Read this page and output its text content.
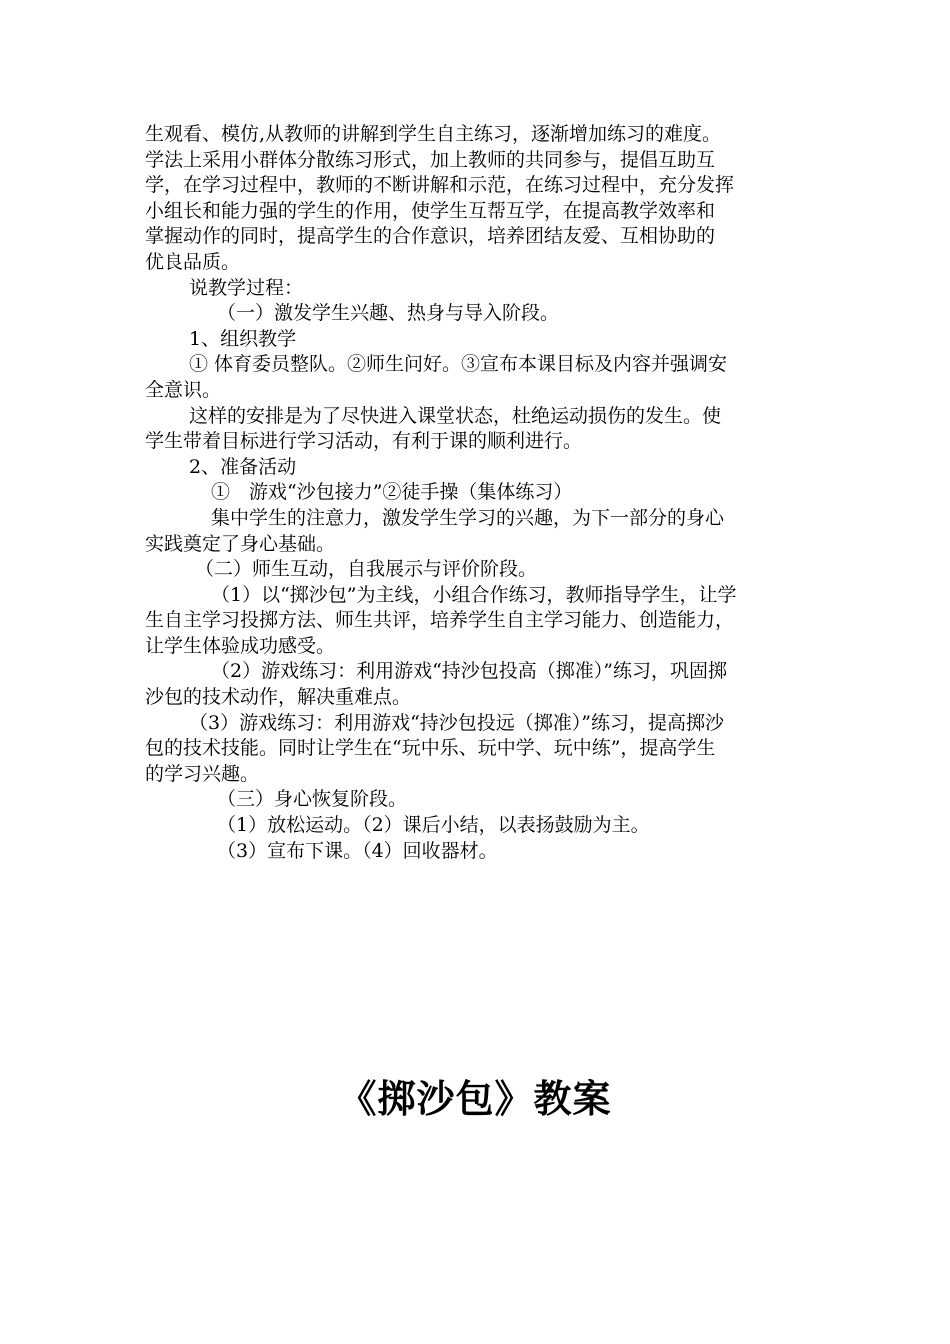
生观看、模仿,从教师的讲解到学生自主练习，逐渐增加练习的难度。
学法上采用小群体分散练习形式，加上教师的共同参与，提倡互助互
学，在学习过程中，教师的不断讲解和示范，在练习过程中，充分发挥
小组长和能力强的学生的作用，使学生互帮互学，在提高教学效率和
掌握动作的同时，提高学生的合作意识，培养团结友爱、互相协助的
优良品质。
说教学过程：
（一）激发学生兴趣、热身与导入阶段。
1、组织教学
① 体育委员整队。②师生问好。③宣布本课目标及内容并强调安
全意识。
这样的安排是为了尽快进入课堂状态，杜绝运动损伤的发生。使
学生带着目标进行学习活动，有利于课的顺利进行。
2、准备活动
①　游戏“沙包接力”②徒手操（集体练习）
集中学生的注意力，激发学生学习的兴趣，为下一部分的身心
实践奠定了身心基础。
（二）师生互动，自我展示与评价阶段。
（1）以“掷沙包”为主线，小组合作练习，教师指导学生，让学
生自主学习投掷方法、师生共评，培养学生自主学习能力、创造能力，
让学生体验成功感受。
（2）游戏练习：利用游戏“持沙包投高（掷准）”练习，巩固掷
沙包的技术动作，解决重难点。
（3）游戏练习：利用游戏“持沙包投远（掷准）”练习，提高掷沙
包的技术技能。同时让学生在“玩中乐、玩中学、玩中练”，提高学生
的学习兴趣。
（三）身心恢复阶段。
（1）放松运动。（2）课后小结，以表扬鼓励为主。
（3）宣布下课。（4）回收器材。
《掷沙包》教案
